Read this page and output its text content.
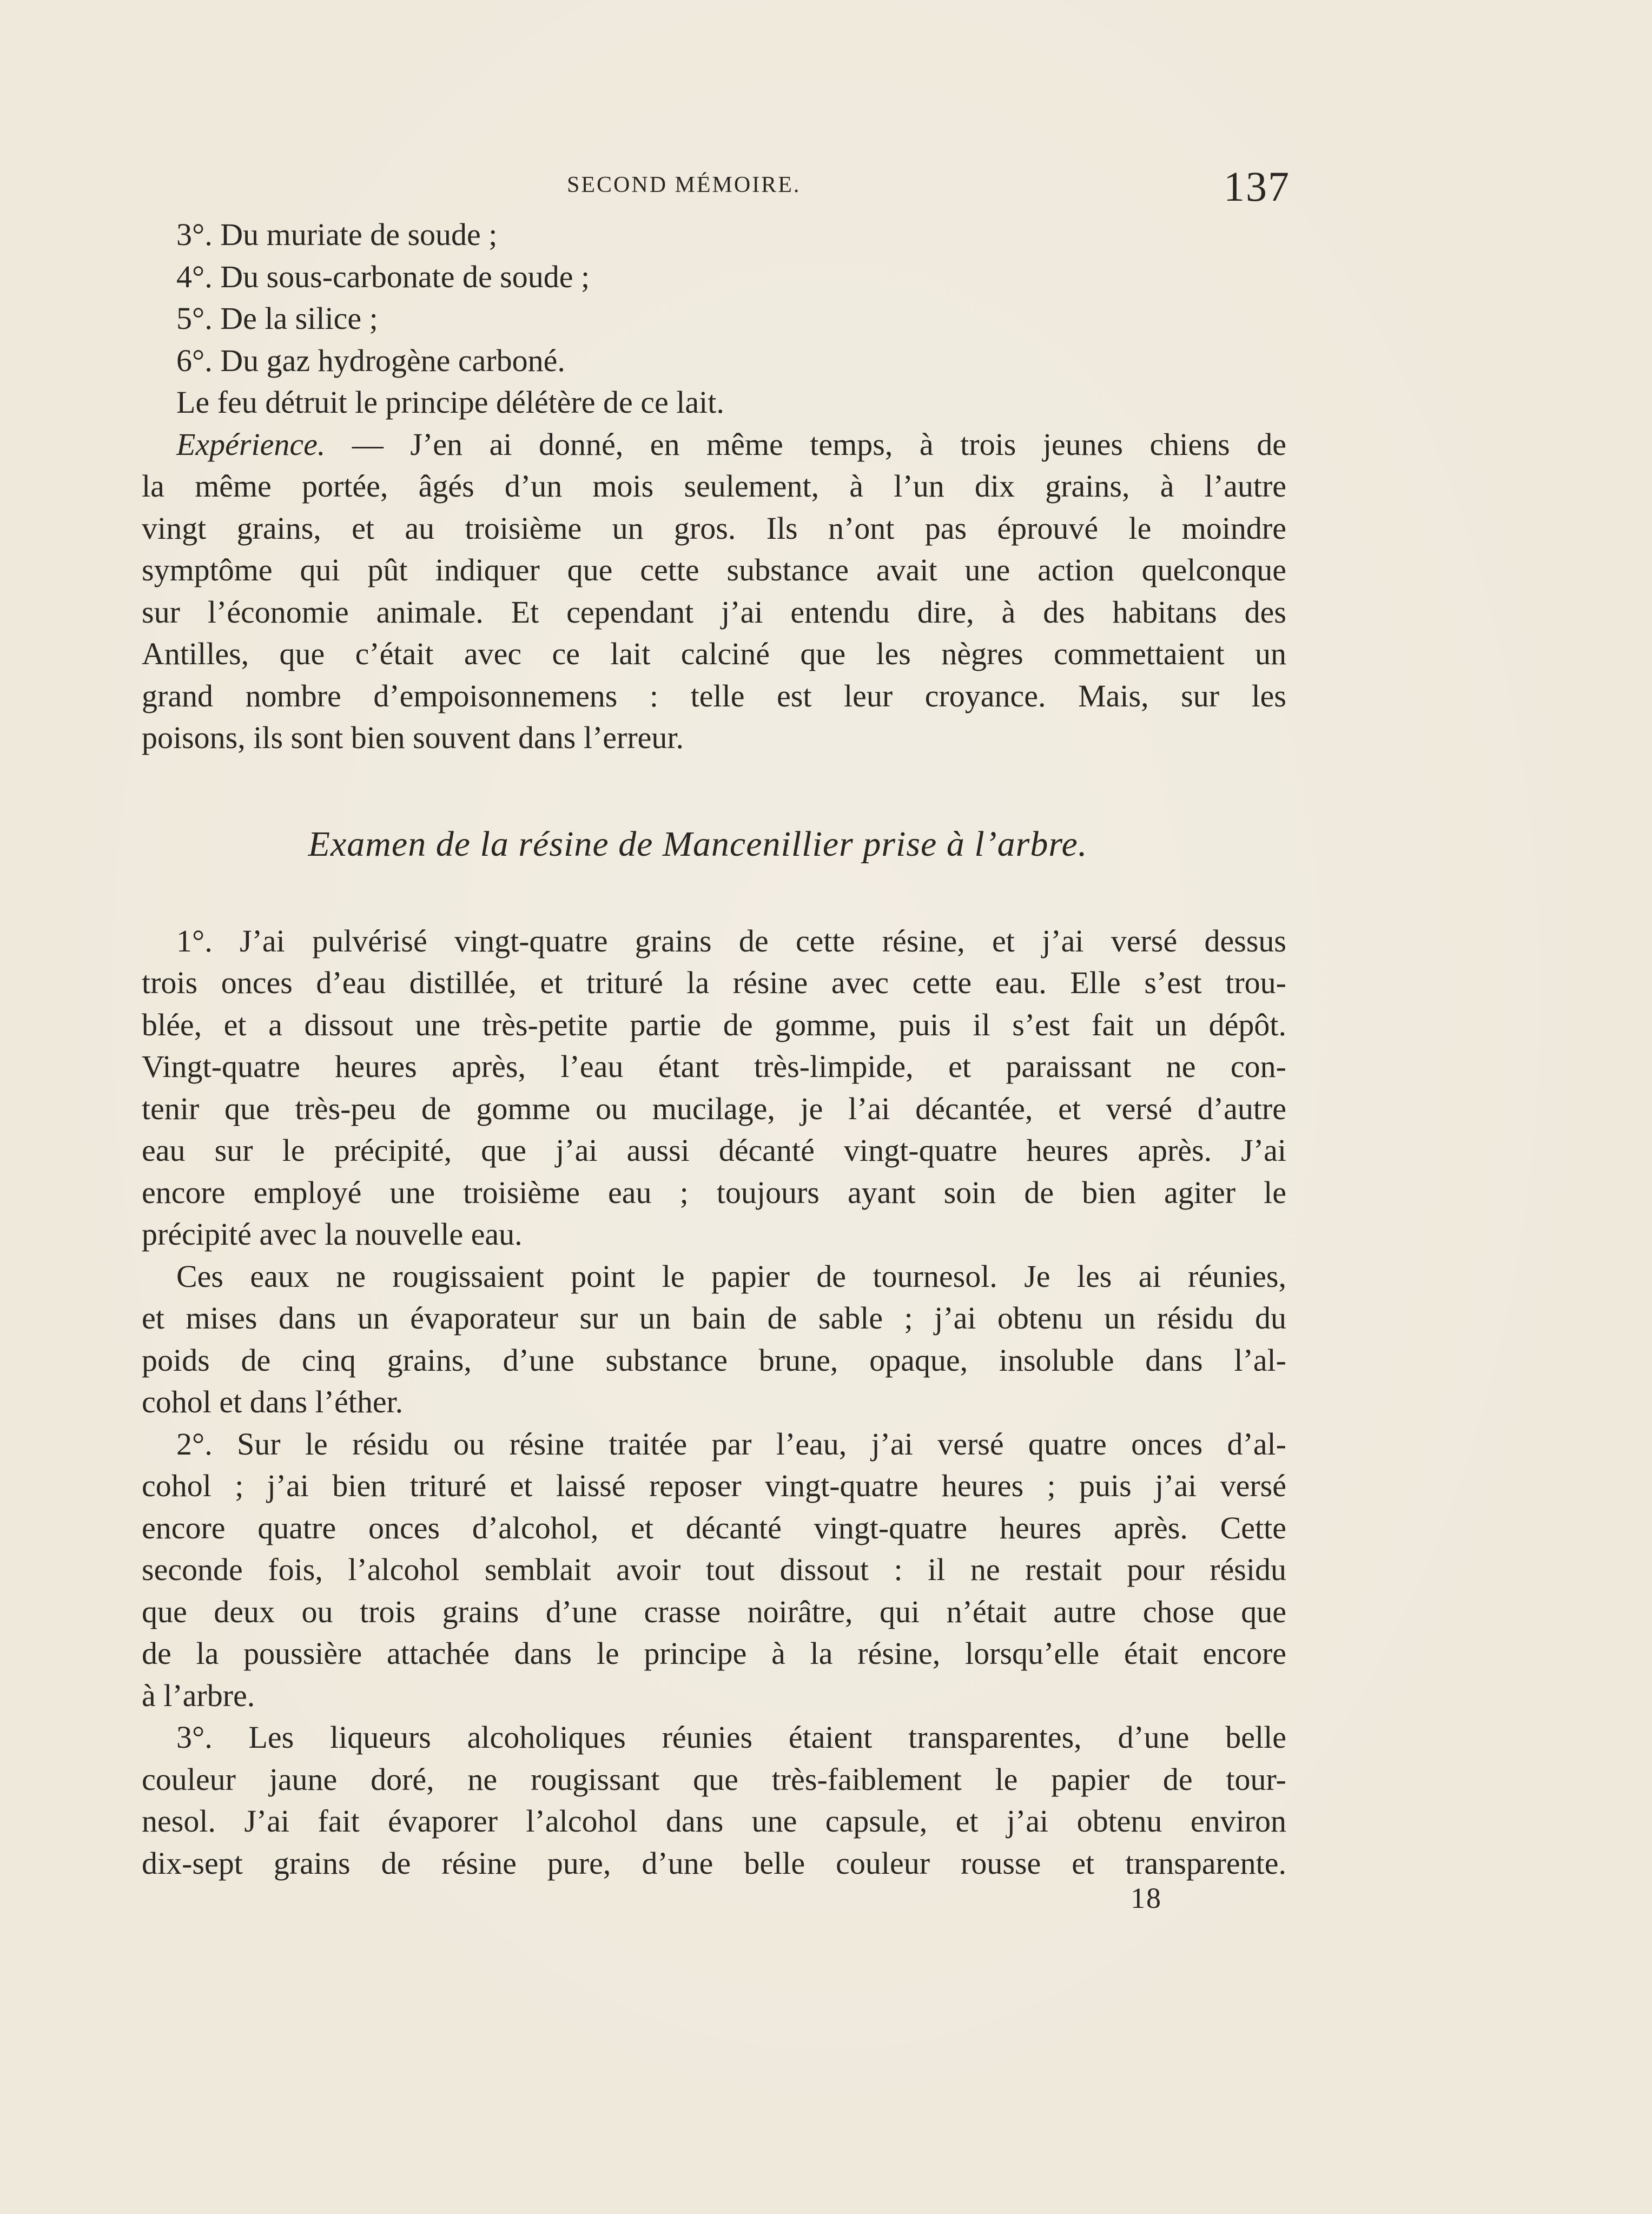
SECOND MÉMOIRE.	137
3°. Du muriate de soude ;
4°. Du sous-carbonate de soude ;
5°. De la silice ;
6°. Du gaz hydrogène carboné.
Le feu détruit le principe délétère de ce lait.
Expérience. — J’en ai donné, en même temps, à trois jeunes chiens de
la même portée, âgés d’un mois seulement, à l’un dix grains, à l’autre
vingt grains, et au troisième un gros. Ils n’ont pas éprouvé le moindre
symptôme qui pût indiquer que cette substance avait une action quelconque
sur l’économie animale. Et cependant j’ai entendu dire, à des habitans des
Antilles, que c’était avec ce lait calciné que les nègres commettaient un
grand nombre d’empoisonnemens : telle est leur croyance. Mais, sur les
poisons, ils sont bien souvent dans l’erreur.
Examen de la résine de Mancenillier prise à l’arbre.
1°. J’ai pulvérisé vingt-quatre grains de cette résine, et j’ai versé dessus
trois onces d’eau distillée, et trituré la résine avec cette eau. Elle s’est trou-
blée, et a dissout une très-petite partie de gomme, puis il s’est fait un dépôt.
Vingt-quatre heures après, l’eau étant très-limpide, et paraissant ne con-
tenir que très-peu de gomme ou mucilage, je l’ai décantée, et versé d’autre
eau sur le précipité, que j’ai aussi décanté vingt-quatre heures après. J’ai
encore employé une troisième eau ; toujours ayant soin de bien agiter le
précipité avec la nouvelle eau.
Ces eaux ne rougissaient point le papier de tournesol. Je les ai réunies,
et mises dans un évaporateur sur un bain de sable ; j’ai obtenu un résidu du
poids de cinq grains, d’une substance brune, opaque, insoluble dans l’al-
cohol et dans l’éther.
2°. Sur le résidu ou résine traitée par l’eau, j’ai versé quatre onces d’al-
cohol ; j’ai bien trituré et laissé reposer vingt-quatre heures ; puis j’ai versé
encore quatre onces d’alcohol, et décanté vingt-quatre heures après. Cette
seconde fois, l’alcohol semblait avoir tout dissout : il ne restait pour résidu
que deux ou trois grains d’une crasse noirâtre, qui n’était autre chose que
de la poussière attachée dans le principe à la résine, lorsqu’elle était encore
à l’arbre.
3°. Les liqueurs alcoholiques réunies étaient transparentes, d’une belle
couleur jaune doré, ne rougissant que très-faiblement le papier de tour-
nesol. J’ai fait évaporer l’alcohol dans une capsule, et j’ai obtenu environ
dix-sept grains de résine pure, d’une belle couleur rousse et transparente.
18
